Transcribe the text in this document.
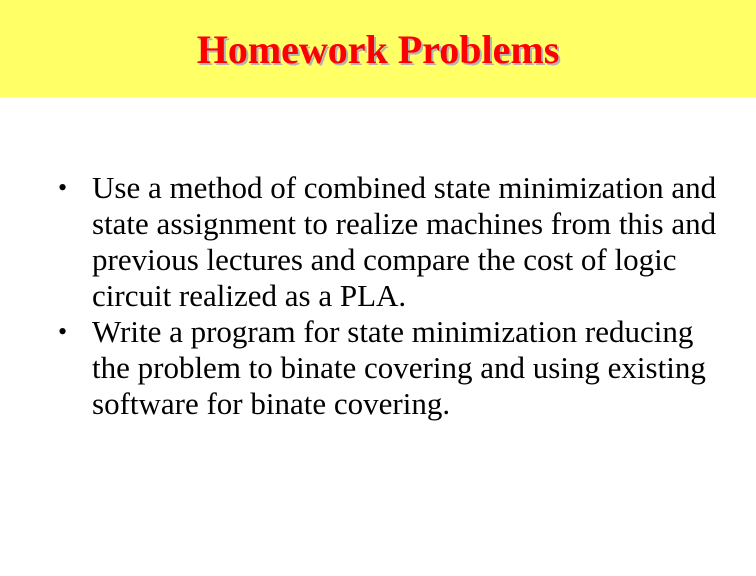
Homework Problems
• Use a method of combined state minimization and state assignment to realize machines from this and previous lectures and compare the cost of logic circuit realized as a PLA.
• Write a program for state minimization reducing the problem to binate covering and using existing software for binate covering.
